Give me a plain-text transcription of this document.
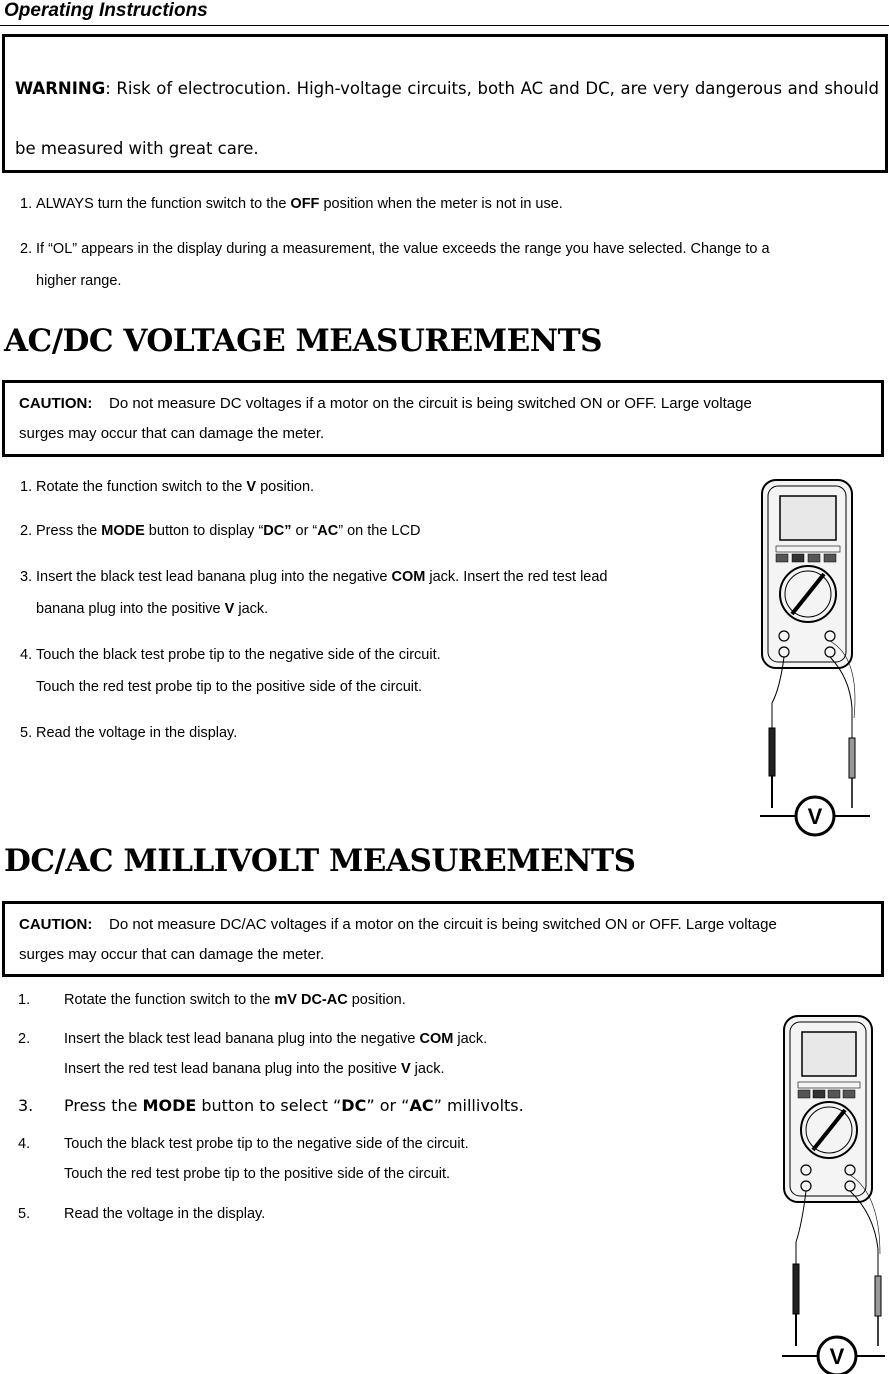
Operating Instructions

WARNING: Risk of electrocution. High-voltage circuits, both AC and DC, are very dangerous and should be measured with great care.

1. ALWAYS turn the function switch to the OFF position when the meter is not in use.
2. If “OL” appears in the display during a measurement, the value exceeds the range you have selected. Change to a
higher range.
AC/DC VOLTAGE MEASUREMENTS
CAUTION: Do not measure DC voltages if a motor on the circuit is being switched ON or OFF. Large voltage
surges may occur that can damage the meter.
1. Rotate the function switch to the V position.
2. Press the MODE button to display “DC” or “AC” on the LCD
3. Insert the black test lead banana plug into the negative COM jack. Insert the red test lead
banana plug into the positive V jack.
4. Touch the black test probe tip to the negative side of the circuit.
Touch the red test probe tip to the positive side of the circuit.
5. Read the voltage in the display.
V
DC/AC MILLIVOLT MEASUREMENTS
CAUTION: Do not measure DC/AC voltages if a motor on the circuit is being switched ON or OFF. Large voltage
surges may occur that can damage the meter.
1. Rotate the function switch to the mV DC-AC position.
2. Insert the black test lead banana plug into the negative COM jack.
Insert the red test lead banana plug into the positive V jack.
3. Press the MODE button to select “DC” or “AC” millivolts.
4. Touch the black test probe tip to the negative side of the circuit.
Touch the red test probe tip to the positive side of the circuit.
5. Read the voltage in the display.
V
